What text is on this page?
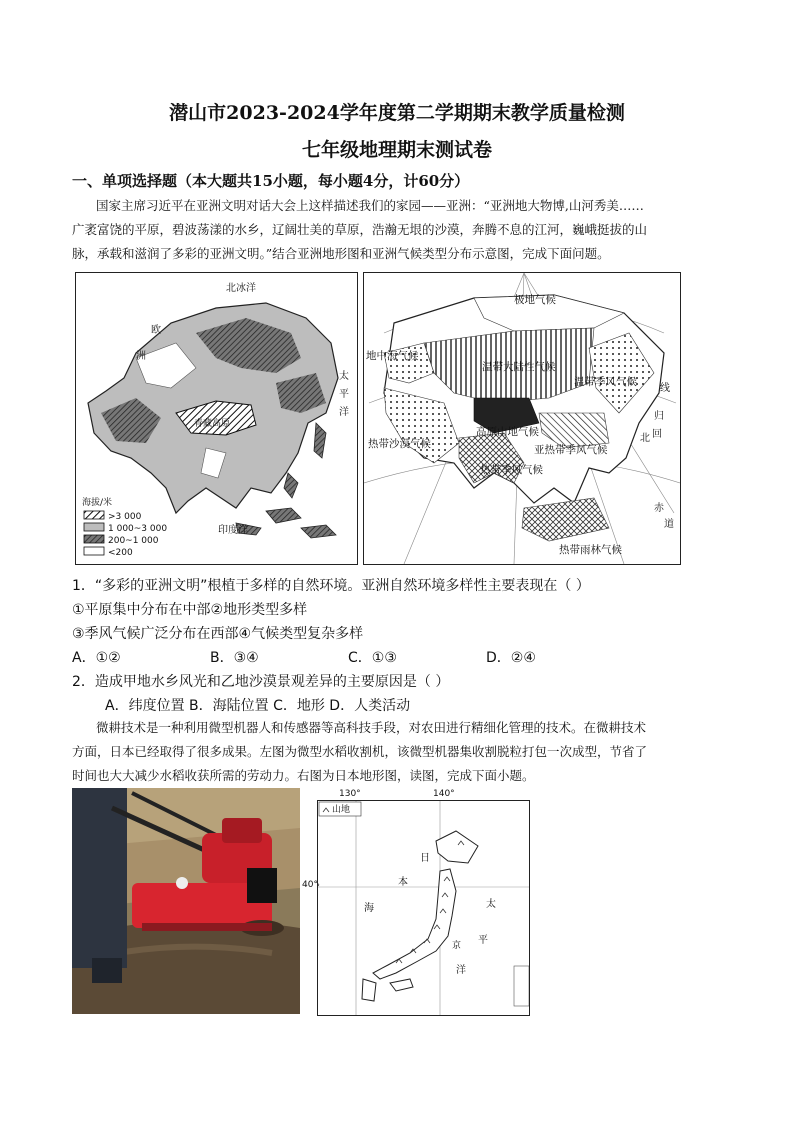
潜山市2023-2024学年度第二学期期末教学质量检测
七年级地理期末测试卷
一、单项选择题（本大题共15小题，每小题4分，计60分）
国家主席习近平在亚洲文明对话大会上这样描述我们的家园——亚洲：“亚洲地大物博,山河秀美……
广袤富饶的平原，碧波荡漾的水乡，辽阔壮美的草原，浩瀚无垠的沙漠，奔腾不息的江河，巍峨挺拔的山
脉，承载和滋润了多彩的亚洲文明。”结合亚洲地形图和亚洲气候类型分布示意图，完成下面问题。
北冰洋
欧
洲
太
平
洋
青藏高原
印度洋
海拔/米
>3 000
1 000~3 000
200~1 000
<200
极地气候
地中海气候
温带大陆性气候
温带季风气候
高原山地气候
亚热带季风气候
热带沙漠气候
热带季风气候
热带雨林气候
线
归
回
北
赤
道
1．“多彩的亚洲文明”根植于多样的自然环境。亚洲自然环境多样性主要表现在（ ）
①平原集中分布在中部②地形类型多样
③季风气候广泛分布在西部④气候类型复杂多样
A．①②	B．③④	C．①③	D．②④
2．造成甲地水乡风光和乙地沙漠景观差异的主要原因是（ ）
A．纬度位置 B．海陆位置 C．地形 D．人类活动
微耕技术是一种利用微型机器人和传感器等高科技手段，对农田进行精细化管理的技术。在微耕技术
方面，日本已经取得了很多成果。左图为微型水稻收割机，该微型机器集收割脱粒打包一次成型，节省了
时间也大大减少水稻收获所需的劳动力。右图为日本地形图，读图，完成下面小题。
山地
日
本
海	太
平
洋
京
130°	140°
40°
